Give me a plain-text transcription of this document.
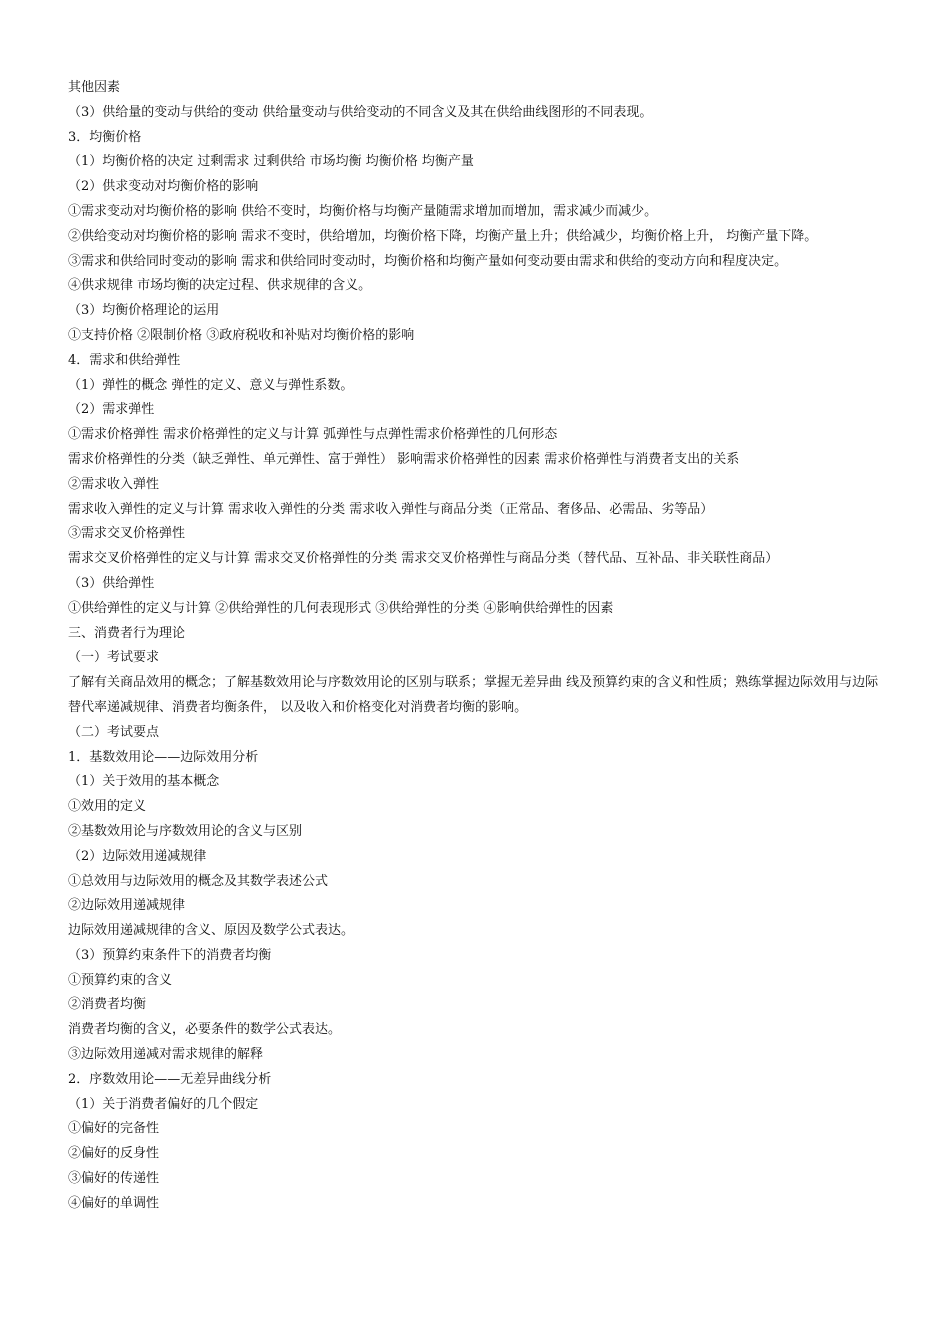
其他因素

（3）供给量的变动与供给的变动 供给量变动与供给变动的不同含义及其在供给曲线图形的不同表现。

3．均衡价格

（1）均衡价格的决定 过剩需求 过剩供给 市场均衡 均衡价格 均衡产量

（2）供求变动对均衡价格的影响

①需求变动对均衡价格的影响 供给不变时，均衡价格与均衡产量随需求增加而增加，需求减少而减少。

②供给变动对均衡价格的影响 需求不变时，供给增加，均衡价格下降，均衡产量上升；供给减少，均衡价格上升， 均衡产量下降。

③需求和供给同时变动的影响 需求和供给同时变动时，均衡价格和均衡产量如何变动要由需求和供给的变动方向和程度决定。

④供求规律 市场均衡的决定过程、供求规律的含义。

（3）均衡价格理论的运用

①支持价格 ②限制价格 ③政府税收和补贴对均衡价格的影响

4．需求和供给弹性

（1）弹性的概念 弹性的定义、意义与弹性系数。

（2）需求弹性

①需求价格弹性 需求价格弹性的定义与计算 弧弹性与点弹性需求价格弹性的几何形态

需求价格弹性的分类（缺乏弹性、单元弹性、富于弹性） 影响需求价格弹性的因素 需求价格弹性与消费者支出的关系

②需求收入弹性

需求收入弹性的定义与计算 需求收入弹性的分类 需求收入弹性与商品分类（正常品、奢侈品、必需品、劣等品）

③需求交叉价格弹性

需求交叉价格弹性的定义与计算 需求交叉价格弹性的分类 需求交叉价格弹性与商品分类（替代品、互补品、非关联性商品）

（3）供给弹性

①供给弹性的定义与计算 ②供给弹性的几何表现形式 ③供给弹性的分类 ④影响供给弹性的因素

三、消费者行为理论

（一）考试要求

了解有关商品效用的概念；了解基数效用论与序数效用论的区别与联系；掌握无差异曲 线及预算约束的含义和性质；熟练掌握边际效用与边际替代率递减规律、消费者均衡条件， 以及收入和价格变化对消费者均衡的影响。

（二）考试要点

1．基数效用论——边际效用分析

（1）关于效用的基本概念

①效用的定义

②基数效用论与序数效用论的含义与区别

（2）边际效用递减规律

①总效用与边际效用的概念及其数学表述公式

②边际效用递减规律

边际效用递减规律的含义、原因及数学公式表达。

（3）预算约束条件下的消费者均衡

①预算约束的含义

②消费者均衡

消费者均衡的含义，必要条件的数学公式表达。

③边际效用递减对需求规律的解释

2．序数效用论——无差异曲线分析

（1）关于消费者偏好的几个假定

①偏好的完备性

②偏好的反身性

③偏好的传递性

④偏好的单调性
